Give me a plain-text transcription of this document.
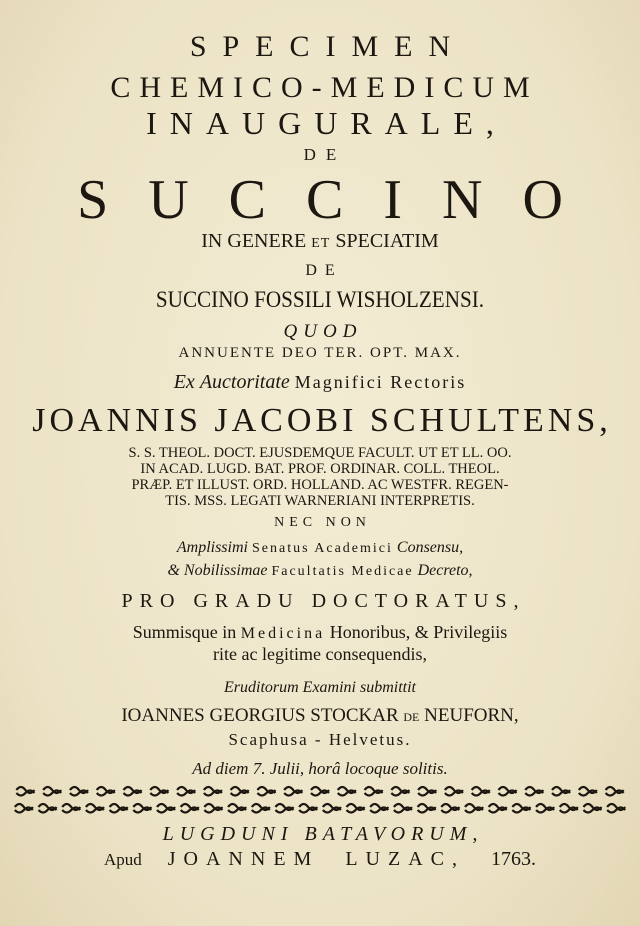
SPECIMEN
CHEMICO-MEDICUM
INAUGURALE,
DE
SUCCINO
IN GENERE ET SPECIATIM
DE
SUCCINO FOSSILI WISHOLZENSI.
QUOD
ANNUENTE DEO TER. OPT. MAX.
Ex Auctoritate Magnifici Rectoris
JOANNIS JACOBI SCHULTENS,
S. S. THEOL. DOCT. EJUSDEMQUE FACULT. UT ET LL. OO.
IN ACAD. LUGD. BAT. PROF. ORDINAR. COLL. THEOL.
PRÆP. ET ILLUST. ORD. HOLLAND. AC WESTFR. REGEN-
TIS. MSS. LEGATI WARNERIANI INTERPRETIS.
NEC NON
Amplissimi Senatus Academici Consensu,
& Nobilissimae Facultatis Medicae Decreto,
PRO GRADU DOCTORATUS,
Summisque in Medicina Honoribus, & Privilegiis
rite ac legitime consequendis,
Eruditorum Examini submittit
IOANNES GEORGIUS STOCKAR DE NEUFORN,
Scaphusa - Helvetus.
Ad diem 7. Julii, horâ locoque solitis.
LUGDUNI BATAVORUM,
Apud JOANNEM LUZAC, 1763.
